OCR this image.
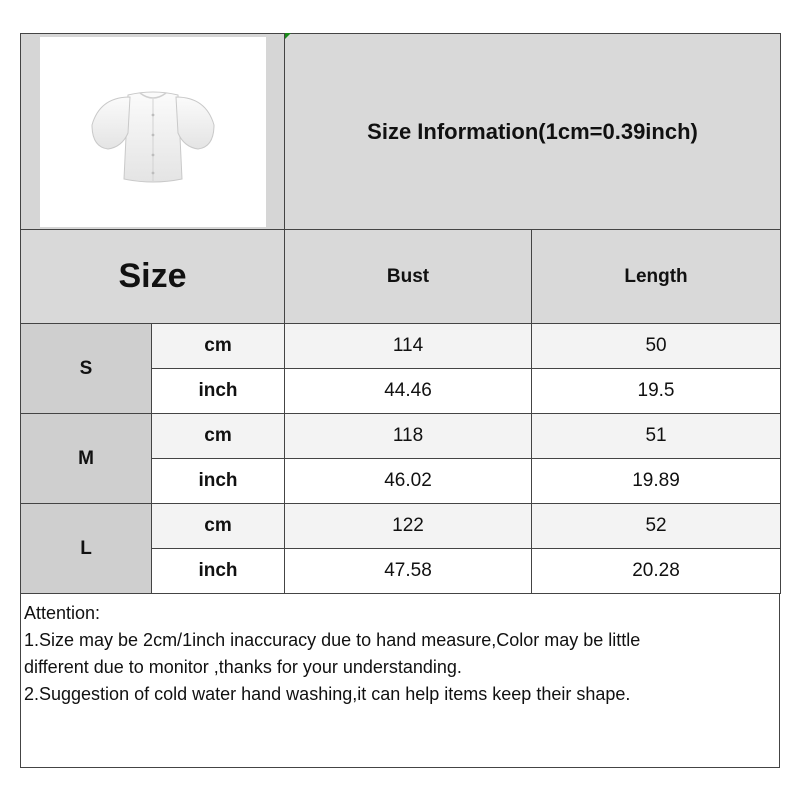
	Size Information(1cm=0.39inch)	
Size		Bust	Length
S	cm	114	50
	inch	44.46	19.5
M	cm	118	51
	inch	46.02	19.89
L	cm	122	52
	inch	47.58	20.28
Attention:
1.Size may be 2cm/1inch inaccuracy due to hand measure,Color may be little
different due to monitor ,thanks for your understanding.
2.Suggestion of cold water hand washing,it can help items keep their shape.
